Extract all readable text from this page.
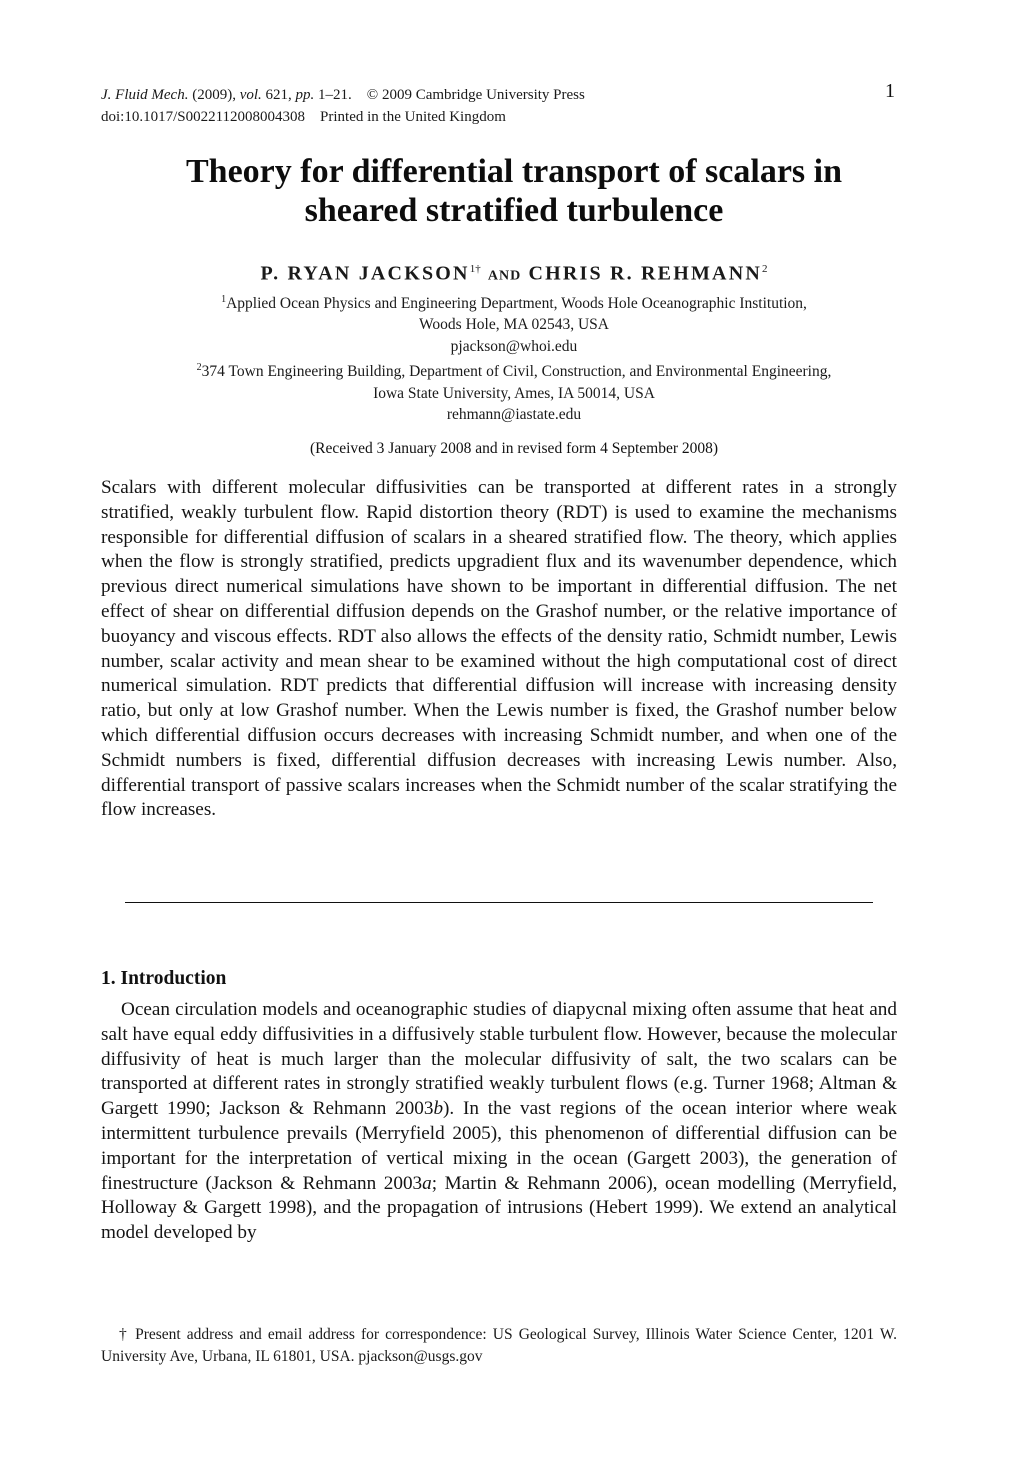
J. Fluid Mech. (2009), vol. 621, pp. 1–21. © 2009 Cambridge University Press
doi:10.1017/S0022112008004308 Printed in the United Kingdom
1
Theory for differential transport of scalars in
sheared stratified turbulence
P. RYAN $JACKSON^{1\dagger}$ AND CHRIS R. REHMANN$^2$
$^1$Applied Ocean Physics and Engineering Department, Woods Hole Oceanographic Institution,
Woods Hole, MA 02543, USA
pjackson@whoi.edu
$^2$374 Town Engineering Building, Department of Civil, Construction, and Environmental Engineering,
Iowa State University, Ames, IA 50014, USA
rehmann@iastate.edu
(Received 3 January 2008 and in revised form 4 September 2008)

Scalars with different molecular diffusivities can be transported at different rates in a strongly stratified, weakly turbulent flow. Rapid distortion theory (RDT) is used to examine the mechanisms responsible for differential diffusion of scalars in a sheared stratified flow. The theory, which applies when the flow is strongly stratified, predicts upgradient flux and its wavenumber dependence, which previous direct numerical simulations have shown to be important in differential diffusion. The net effect of shear on differential diffusion depends on the Grashof number, or the relative importance of buoyancy and viscous effects. RDT also allows the effects of the density ratio, Schmidt number, Lewis number, scalar activity and mean shear to be examined without the high computational cost of direct numerical simulation. RDT predicts that differential diffusion will increase with increasing density ratio, but only at low Grashof number. When the Lewis number is fixed, the Grashof number below which differential diffusion occurs decreases with increasing Schmidt number, and when one of the Schmidt numbers is fixed, differential diffusion decreases with increasing Lewis number. Also, differential transport of passive scalars increases when the Schmidt number of the scalar stratifying the flow increases.

1. Introduction

Ocean circulation models and oceanographic studies of diapycnal mixing often assume that heat and salt have equal eddy diffusivities in a diffusively stable turbulent flow. However, because the molecular diffusivity of heat is much larger than the molecular diffusivity of salt, the two scalars can be transported at different rates in strongly stratified weakly turbulent flows (e.g. Turner 1968; Altman & Gargett 1990; Jackson & Rehmann 2003b). In the vast regions of the ocean interior where weak intermittent turbulence prevails (Merryfield 2005), this phenomenon of differential diffusion can be important for the interpretation of vertical mixing in the ocean (Gargett 2003), the generation of finestructure (Jackson & Rehmann 2003a; Martin & Rehmann 2006), ocean modelling (Merryfield, Holloway & Gargett 1998), and the propagation of intrusions (Hebert 1999). We extend an analytical model developed by

† Present address and email address for correspondence: US Geological Survey, Illinois Water Science Center, 1201 W. University Ave, Urbana, IL 61801, USA. pjackson@usgs.gov
